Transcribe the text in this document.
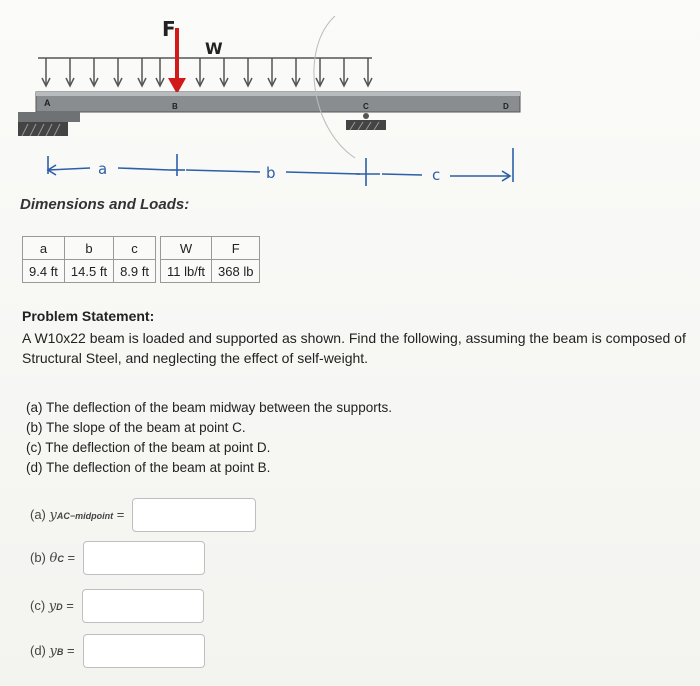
F
W
A	B	C	D
a	b	c
Dimensions and Loads:
a	b	c		W	F
9.4 ft	14.5 ft	8.9 ft		11 lb/ft	368 lb
Problem Statement:
A W10x22 beam is loaded and supported as shown. Find the following, assuming the beam is composed of Structural Steel, and neglecting the effect of self-weight.
(a) The deflection of the beam midway between the supports.
(b) The slope of the beam at point C.
(c) The deflection of the beam at point D.
(d) The deflection of the beam at point B.
(a) yAC−midpoint =
(b) θC =
(c) yD =
(d) yB =
